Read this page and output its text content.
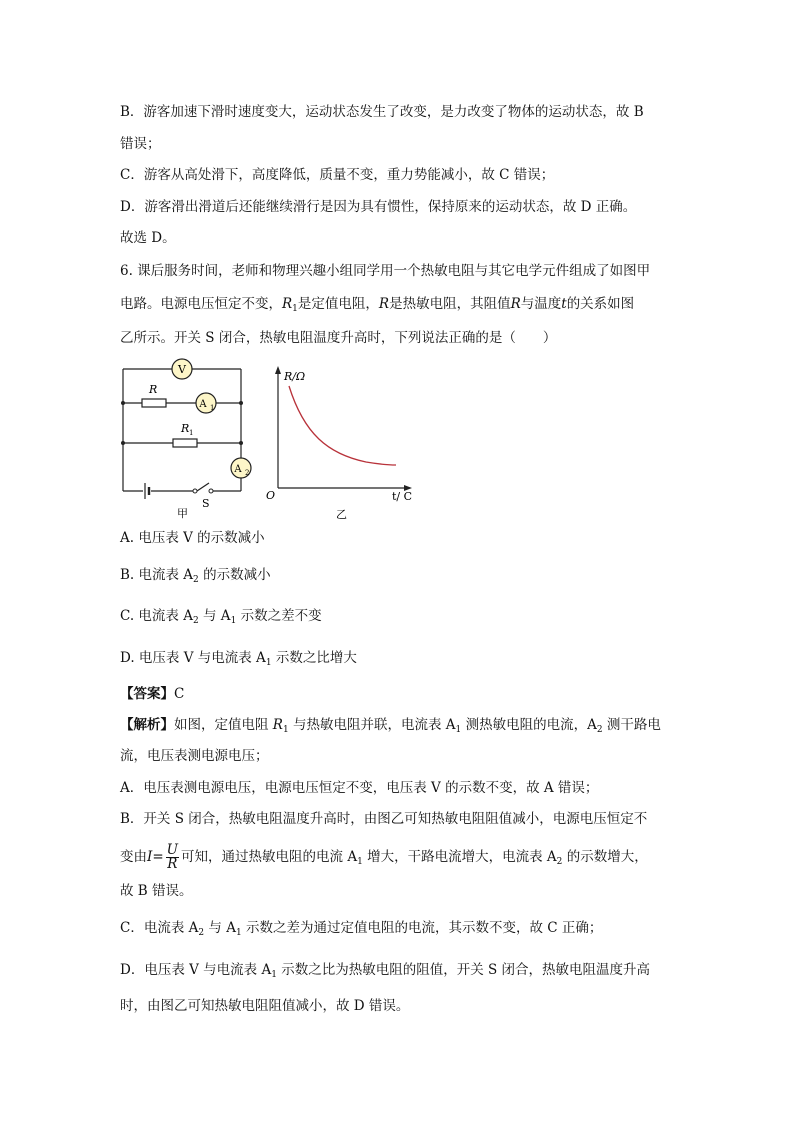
B．游客加速下滑时速度变大，运动状态发生了改变，是力改变了物体的运动状态，故 B
错误；
C．游客从高处滑下，高度降低，质量不变，重力势能减小，故 C 错误；
D．游客滑出滑道后还能继续滑行是因为具有惯性，保持原来的运动状态，故 D 正确。
故选 D。
6. 课后服务时间，老师和物理兴趣小组同学用一个热敏电阻与其它电学元件组成了如图甲
电路。电源电压恒定不变，$R_1$是定值电阻，R是热敏电阻，其阻值R与温度t的关系如图
乙所示。开关 S 闭合，热敏电阻温度升高时，下列说法正确的是（　　）
V
A 1
A 2
R
R 1
S
甲
R/Ω
O	t/ C
乙
A. 电压表 V 的示数减小
B. 电流表 $A_2$ 的示数减小
C. 电流表 $A_2$ 与 $A_1$ 示数之差不变
D. 电压表 V 与电流表 $A_1$ 示数之比增大
【答案】C
【解析】如图，定值电阻 $R_1$ 与热敏电阻并联，电流表 $A_1$ 测热敏电阻的电流，$A_2$ 测干路电
流，电压表测电源电压；
A．电压表测电源电压，电源电压恒定不变，电压表 V 的示数不变，故 A 错误；
B．开关 S 闭合，热敏电阻温度升高时，由图乙可知热敏电阻阻值减小，电源电压恒定不
变由$I= \frac{U}{R}$ 可知，通过热敏电阻的电流 $A_1$ 增大，干路电流增大，电流表 $A_2$ 的示数增大，
故 B 错误。
C．电流表 $A_2$ 与 $A_1$ 示数之差为通过定值电阻的电流，其示数不变，故 C 正确；
D．电压表 V 与电流表 $A_1$ 示数之比为热敏电阻的阻值，开关 S 闭合，热敏电阻温度升高
时，由图乙可知热敏电阻阻值减小，故 D 错误。
